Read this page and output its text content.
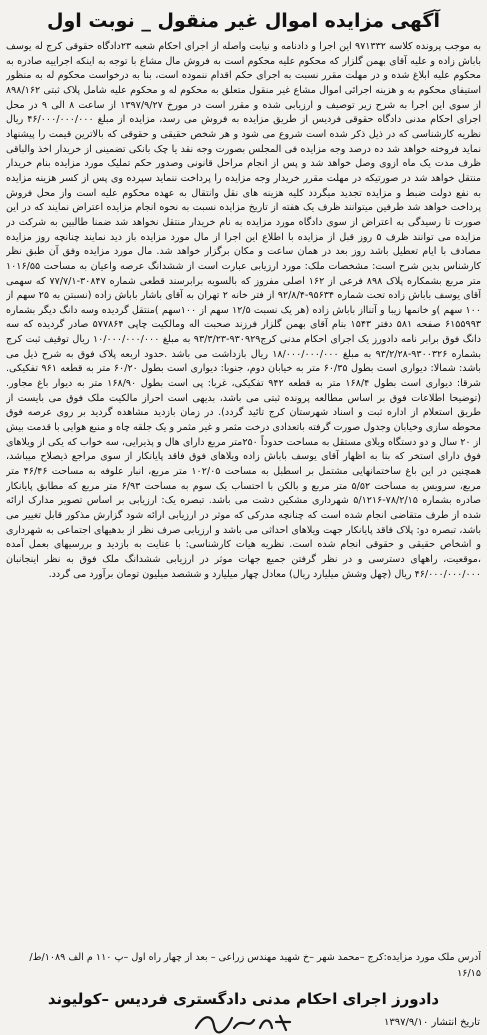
آگهی مزایده اموال غیر منقول _ نوبت اول

به موجب پرونده کلاسه ۹۷۱۳۳۲ این اجرا و دادنامه و نیابت واصله از اجرای احکام شعبه ۲۳دادگاه حقوقی کرج له یوسف باباش زاده و علیه آقای بهمن گلزار که محکوم علیه محکوم است به فروش مال مشاع با توجه به اینکه اجراییه صادره به محکوم علیه ابلاغ شده و در مهلت مقرر نسبت به اجرای حکم اقدام ننموده است، بنا به درخواست محکوم له به منظور استیفای محکوم به و هزینه اجرائی اموال مشاع غیر منقول متعلق به محکوم له و محکوم علیه شامل پلاک ثبتی ۸۹۸/۱۶۲ از سوی این اجرا به شرح زیر توصیف و ارزیابی شده و مقرر است در مورخ ۱۳۹۷/۹/۲۷ از ساعت ۸ الی ۹ در محل اجرای احکام مدنی دادگاه حقوقی فردیس از طریق مزایده به فروش می رسد، مزایده از مبلغ ۴۶/۰۰۰/۰۰۰/۰۰۰ ریال نظریه کارشناسی که در ذیل ذکر شده است شروع می شود و هر شخص حقیقی و حقوقی که بالاترین قیمت را پیشنهاد نماید فروخته خواهد شد ده درصد وجه مزایده فی المجلس بصورت وجه نقد یا چک بانکی تضمینی از خریدار اخذ والباقی ظرف مدت یک ماه ازوی وصل خواهد شد و پس از انجام مراحل قانونی وصدور حکم تملیک مورد مزایده بنام خریدار منتقل خواهد شد در صورتیکه در مهلت مقرر خریدار وجه مزایده را پرداخت ننماید سپرده وی پس از کسر هزینه مزایده به نفع دولت ضبط و مزایده تجدید میگردد کلیه هزینه های نقل وانتقال به عهده محکوم علیه است واز محل فروش پرداخت خواهد شد طرفین میتوانند ظرف یک هفته از تاریخ مزایده نسبت به نحوه انجام مزایده اعتراض نمایند که در این صورت تا رسیدگی به اعتراض از سوی دادگاه مورد مزایده به نام خریدار منتقل نخواهد شد ضمنا طالبین به شرکت در مزایده می توانند ظرف ۵ روز قبل از مزایده با اطلاع این اجرا از مال مورد مزایده باز دید نمایند چنانچه روز مزایده مصادف با ایام تعطیل باشد روز بعد در همان ساعت و مکان برگزار خواهد شد. مال مورد مزایده وفق آن طبق نظر کارشناس بدین شرح است: مشخصات ملک: مورد ارزیابی عبارت است از ششدانگ عرصه واعیان به مساحت ۱۰۱۶/۵۵ متر مربع بشمکاره پلاک ۸۹۸ فرعی از ۱۶۲ اصلی مفروز که بالسویه برابرسند قطعی شماره ۳۰۸۴۷-۷۷/۷/۱ که سهمی آقای یوسف باباش زاده تحت شماره ۹۵۶۳۴-۹۲/۸/۴ از فتر خانه ۲ تهران به آقای باشار باباش زاده (نسبتن به ۲۵ سهم از ۱۰۰ سهم )و خانمها زیبا و آتنااز باباش زاده (هر یک نسبت ۱۲/۵ سهم از ۱۰۰سهم )منتقل گردیده وسه دانگ دیگر بشماره ۶۱۵۵۹۹۳ صفحه ۵۸۱ دفتر ۱۵۴۳ بنام آقای بهمن گلزار فرزند صحبت اله ومالکیت چاپی ۵۷۷۸۶۴ صادر گردیده که سه دانگ فوق برابر نامه دادورز یک اجرای احکام مدنی کرج۹۳۰۹۲۹-۹۳/۳/۲۳ به مبلغ ۱۰/۰۰۰/۰۰۰/۰۰۰ ریال توقیف ثبت کرج بشماره ۹۳۰۰۳۲۶-۹۳/۲/۲۸ به مبلغ ۱۸/۰۰۰/۰۰۰/۰۰۰ ریال بازداشت می باشد .حدود اربعه پلاک فوق به شرح ذیل می باشد: شمالا: دیواری است بطول ۶۰/۳۵ متر به خیابان دوم، جنوبا: دیواری است بطول ۶۰/۲۰ متر به قطعه ۹۶۱ تفکیکی. شرقا: دیواری است بطول ۱۶۸/۴ متر به قطعه ۹۴۲ تفکیکی، غربا: پی است بطول ۱۶۸/۹۰ متر به دیوار باغ مجاور.(توضیحا اطلاعات فوق بر اساس مطالعه پرونده ثبتی می باشد، بدیهی است احراز مالکیت ملک فوق می بایست از طریق استعلام از اداره ثبت و اسناد شهرستان کرج تائید گردد). در زمان بازدید مشاهده گردید بر روی عرصه فوق محوطه سازی وخیابان وجدول صورت گرفته باتعدادی درخت مثمر و غیر مثمر و یک جلقه چاه و منبع هوایی با قدمت بیش از ۲۰ سال و دو دستگاه ویلای مستقل به مساحت حدوداً ۲۵۰متر مربع دارای هال و پذیرایی، سه خواب که یکی از ویلاهای فوق دارای استخر که بنا به اظهار آقای یوسف باباش زاده ویلاهای فوق فاقد پایانکار از سوی مراجع ذیصلاح میباشد، همچنین در این باغ ساختمانهایی مشتمل بر اسطبل به مساحت ۱۰۲/۰۵ متر مربع، انبار علوفه به مساحت ۴۶/۴۶ متر مربع، سرویس به مساحت ۵/۵۲ متر مربع و بالکن با احتساب یک سوم به مساحت ۶/۹۳ متر مربع که مطابق پایانکار صادره بشماره ۷۸/۲/۱۵-۵/۱۲۱۶ شهرداری مشکین دشت می باشد. تبصره یک: ارزیابی بر اساس تصویر مدارک ارائه شده از طرف متقاضی انجام شده است که چنانچه مدرکی که موثر در ارزیابی ارائه شود گزارش مذکور قابل تغییر می باشد، تبصره دو: پلاک فاقد پایانکار جهت ویلاهای احداثی می باشد و ارزیابی صرف نظر از بدهیهای اجتماعی به شهرداری و اشخاص حقیقی و حقوقی انجام شده است. نظریه هیات کارشناسی: با عنایت به بازدید و بررسیهای بعمل آمده ،موقعیت، راههای دسترسی و در نظر گرفتن جمیع جهات موثر در ارزیابی ششدانگ ملک فوق به نظر اینجانبان ۴۶/۰۰۰/۰۰۰/۰۰۰ ریال (چهل وشش میلیارد ریال) معادل چهار میلیارد و ششصد میلیون تومان برآورد می گردد.

آدرس ملک مورد مزایده:کرج –محمد شهر –خ شهید مهندس زراعی – بعد از چهار راه اول –پ ۱۱۰ م الف ۱۰۸۹/ط/۱۶/۱۵
دادورز اجرای احکام مدنی دادگستری فردیس –کولیوند
تاریخ انتشار ۱۳۹۷/۹/۱۰
